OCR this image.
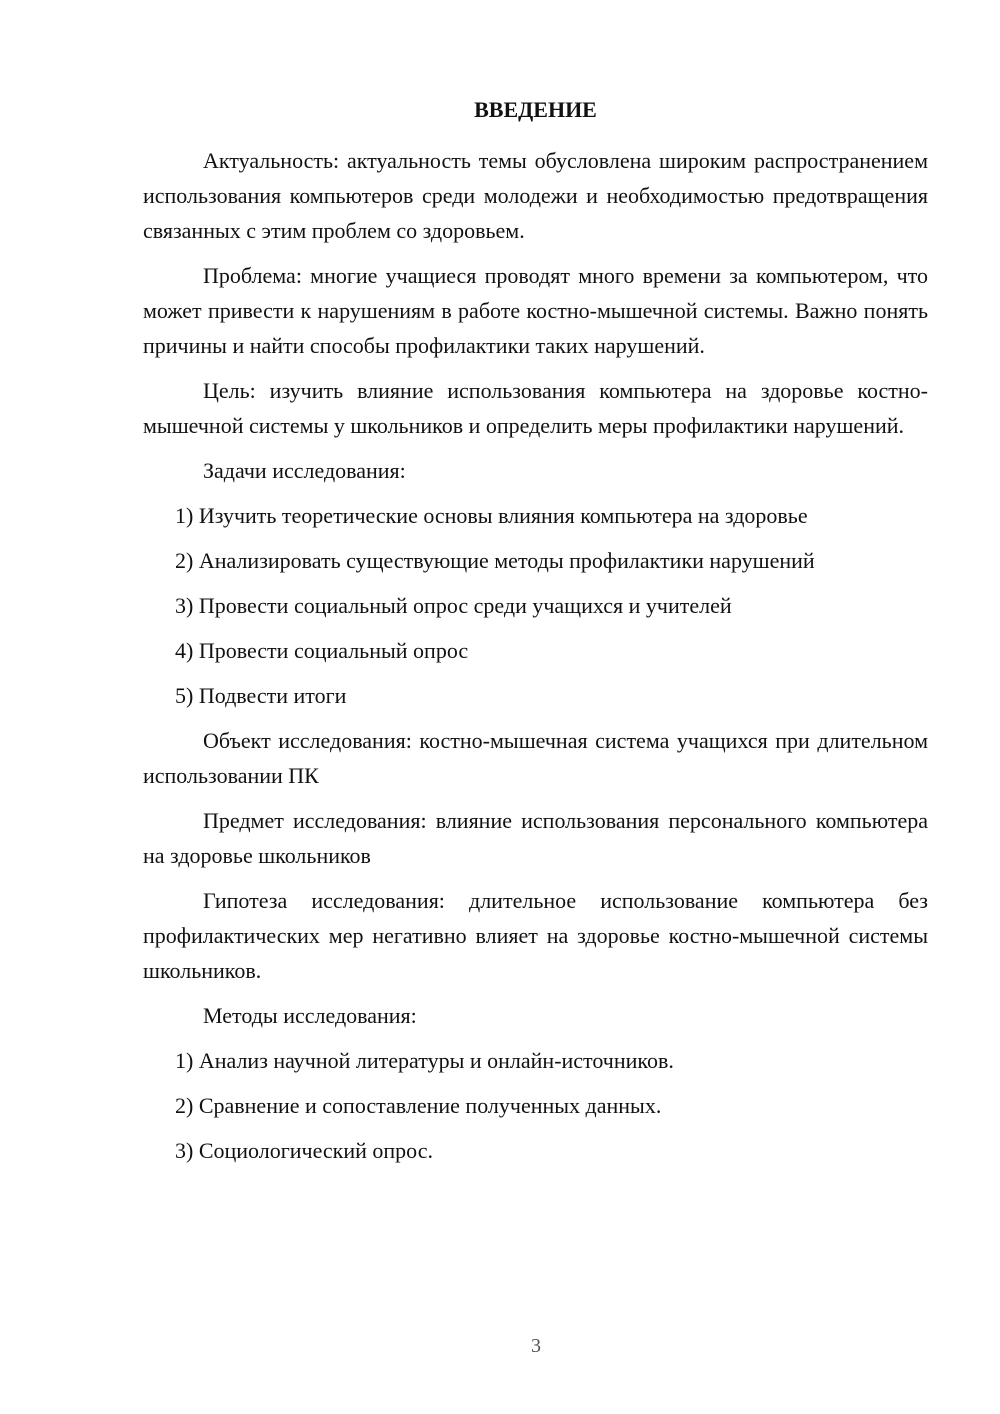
ВВЕДЕНИЕ

Актуальность: актуальность темы обусловлена широким распространением использования компьютеров среди молодежи и необходимостью предотвращения связанных с этим проблем со здоровьем.

Проблема: многие учащиеся проводят много времени за компьютером, что может привести к нарушениям в работе костно-мышечной системы. Важно понять причины и найти способы профилактики таких нарушений.

Цель: изучить влияние использования компьютера на здоровье костно-мышечной системы у школьников и определить меры профилактики нарушений.

Задачи исследования:
1) Изучить теоретические основы влияния компьютера на здоровье
2) Анализировать существующие методы профилактики нарушений
3) Провести социальный опрос среди учащихся и учителей
4) Провести социальный опрос
5) Подвести итоги

Объект исследования: костно-мышечная система учащихся при длительном использовании ПК

Предмет исследования: влияние использования персонального компьютера на здоровье школьников

Гипотеза исследования: длительное использование компьютера без профилактических мер негативно влияет на здоровье костно-мышечной системы школьников.

Методы исследования:
1) Анализ научной литературы и онлайн-источников.
2) Сравнение и сопоставление полученных данных.
3) Социологический опрос.
3
